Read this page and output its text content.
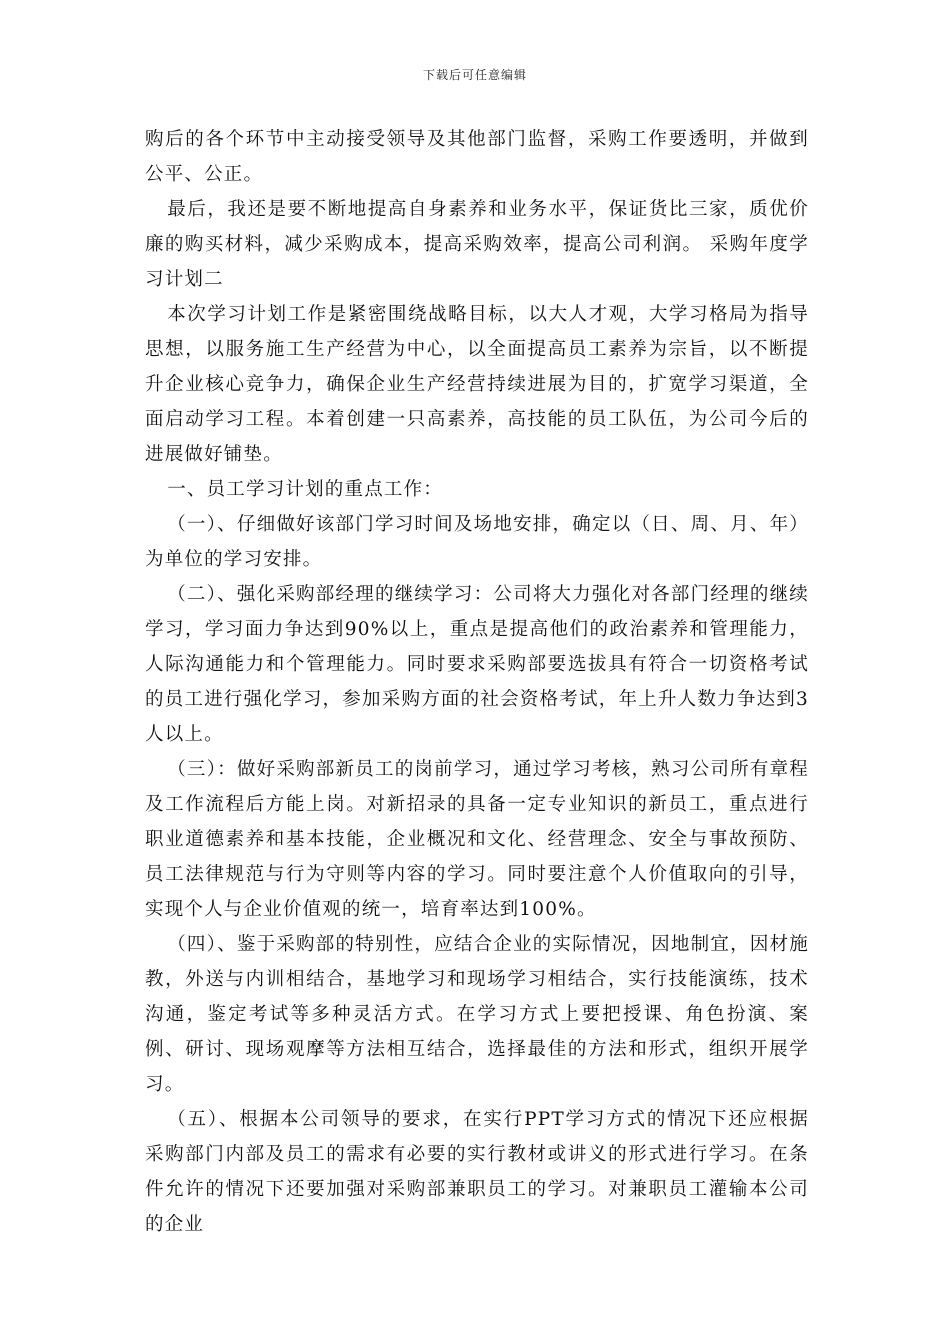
下载后可任意编辑

购后的各个环节中主动接受领导及其他部门监督，采购工作要透明，并做到公平、公正。

最后，我还是要不断地提高自身素养和业务水平，保证货比三家，质优价廉的购买材料，减少采购成本，提高采购效率，提高公司利润。 采购年度学习计划二

本次学习计划工作是紧密围绕战略目标，以大人才观，大学习格局为指导思想，以服务施工生产经营为中心，以全面提高员工素养为宗旨，以不断提升企业核心竞争力，确保企业生产经营持续进展为目的，扩宽学习渠道，全面启动学习工程。本着创建一只高素养，高技能的员工队伍，为公司今后的进展做好铺垫。

一、员工学习计划的重点工作：

（一）、仔细做好该部门学习时间及场地安排，确定以（日、周、月、年）为单位的学习安排。

（二）、强化采购部经理的继续学习：公司将大力强化对各部门经理的继续学习，学习面力争达到90%以上，重点是提高他们的政治素养和管理能力，人际沟通能力和个管理能力。同时要求采购部要选拔具有符合一切资格考试的员工进行强化学习，参加采购方面的社会资格考试，年上升人数力争达到3人以上。

（三）：做好采购部新员工的岗前学习，通过学习考核，熟习公司所有章程及工作流程后方能上岗。对新招录的具备一定专业知识的新员工，重点进行职业道德素养和基本技能，企业概况和文化、经营理念、安全与事故预防、员工法律规范与行为守则等内容的学习。同时要注意个人价值取向的引导，实现个人与企业价值观的统一，培育率达到100%。

（四）、鉴于采购部的特别性，应结合企业的实际情况，因地制宜，因材施教，外送与内训相结合，基地学习和现场学习相结合，实行技能演练，技术沟通，鉴定考试等多种灵活方式。在学习方式上要把授课、角色扮演、案例、研讨、现场观摩等方法相互结合，选择最佳的方法和形式，组织开展学习。

（五）、根据本公司领导的要求，在实行PPT学习方式的情况下还应根据采购部门内部及员工的需求有必要的实行教材或讲义的形式进行学习。在条件允许的情况下还要加强对采购部兼职员工的学习。对兼职员工灌输本公司的企业
